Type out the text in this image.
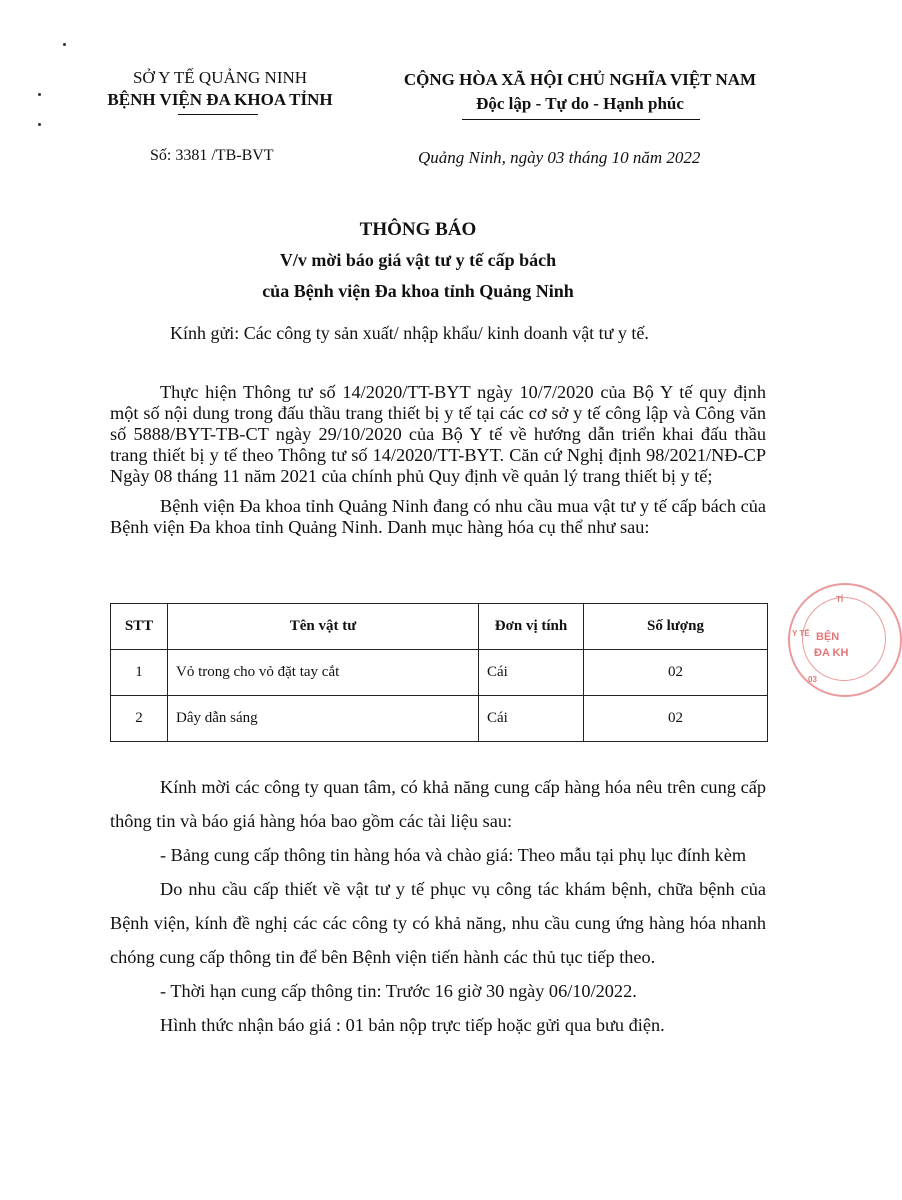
SỞ Y TẾ QUẢNG NINH
BỆNH VIỆN ĐA KHOA TỈNH
CỘNG HÒA XÃ HỘI CHỦ NGHĨA VIỆT NAM
Độc lập - Tự do - Hạnh phúc
Số: 3381 /TB-BVT	Quảng Ninh, ngày 03 tháng 10 năm 2022
THÔNG BÁO
V/v mời báo giá vật tư y tế cấp bách
của Bệnh viện Đa khoa tỉnh Quảng Ninh
Kính gửi: Các công ty sản xuất/ nhập khẩu/ kinh doanh vật tư y tế.

Thực hiện Thông tư số 14/2020/TT-BYT ngày 10/7/2020 của Bộ Y tế quy định một số nội dung trong đấu thầu trang thiết bị y tế tại các cơ sở y tế công lập và Công văn số 5888/BYT-TB-CT ngày 29/10/2020 của Bộ Y tế về hướng dẫn triển khai đấu thầu trang thiết bị y tế theo Thông tư số 14/2020/TT-BYT. Căn cứ Nghị định 98/2021/NĐ-CP Ngày 08 tháng 11 năm 2021 của chính phủ Quy định về quản lý trang thiết bị y tế;

Bệnh viện Đa khoa tỉnh Quảng Ninh đang có nhu cầu mua vật tư y tế cấp bách của Bệnh viện Đa khoa tỉnh Quảng Ninh. Danh mục hàng hóa cụ thể như sau:

STT	Tên vật tư	Đơn vị tính	Số lượng
1	Vỏ trong cho vỏ đặt tay cắt	Cái	02
2	Dây dẫn sáng	Cái	02
TỈ
Y TẾ BỆN
ĐA KH
03

Kính mời các công ty quan tâm, có khả năng cung cấp hàng hóa nêu trên cung cấp thông tin và báo giá hàng hóa bao gồm các tài liệu sau:

- Bảng cung cấp thông tin hàng hóa và chào giá: Theo mẫu tại phụ lục đính kèm

Do nhu cầu cấp thiết về vật tư y tế phục vụ công tác khám bệnh, chữa bệnh của Bệnh viện, kính đề nghị các các công ty có khả năng, nhu cầu cung ứng hàng hóa nhanh chóng cung cấp thông tin để bên Bệnh viện tiến hành các thủ tục tiếp theo.

- Thời hạn cung cấp thông tin: Trước 16 giờ 30 ngày 06/10/2022.

Hình thức nhận báo giá : 01 bản nộp trực tiếp hoặc gửi qua bưu điện.
